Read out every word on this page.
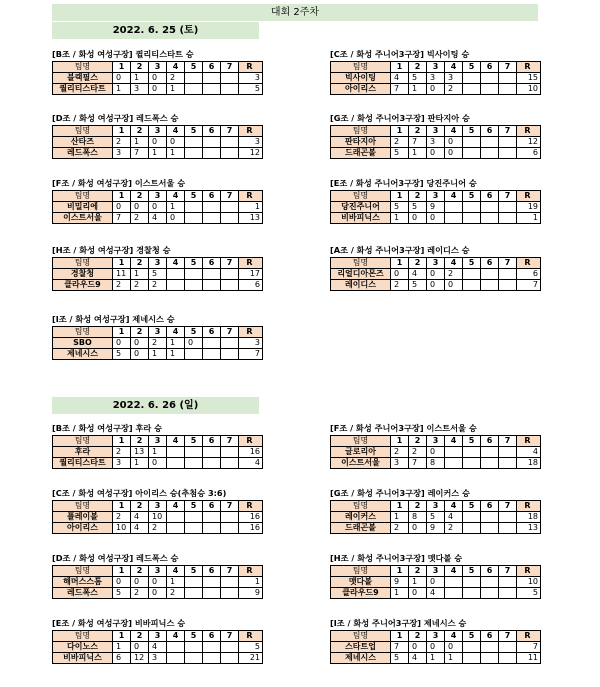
대회 2주차
2022. 6. 25 (토)
[B조 / 화성 여성구장] 퀼리티스타트 승
팀명	1	2	3	4	5	6	7	R
블랙필스	0	1	0	2				3
퀄리티스타트	1	3	0	1				5
[C조 / 화성 주니어3구장] 빅사이팅 승
팀명	1	2	3	4	5	6	7	R
빅사이팅	4	5	3	3				15
아이리스	7	1	0	2				10
[D조 / 화성 여성구장] 레드폭스 승
팀명	1	2	3	4	5	6	7	R
산타즈	2	1	0	0				3
레드폭스	3	7	1	1				12
[G조 / 화성 주니어3구장] 판타지아 승
팀명	1	2	3	4	5	6	7	R
판타지아	2	7	3	0				12
드래곤볼	5	1	0	0				6
[F조 / 화성 여성구장] 이스트서울 승
팀명	1	2	3	4	5	6	7	R
비밀리에	0	0	0	1				1
이스트서울	7	2	4	0				13
[E조 / 화성 주니어3구장] 당진주니어 승
팀명	1	2	3	4	5	6	7	R
당진주니어	5	5	9					19
비바피닉스	1	0	0					1
[H조 / 화성 여성구장] 경찰청 승
팀명	1	2	3	4	5	6	7	R
경찰청	11	1	5					17
클라우드9	2	2	2					6
[A조 / 화성 주니어3구장] 레이디스 승
팀명	1	2	3	4	5	6	7	R
리얼디아몬즈	0	4	0	2				6
레이디스	2	5	0	0				7
[I조 / 화성 여성구장] 제네시스 승
팀명	1	2	3	4	5	6	7	R
SBO	0	0	2	1	0			3
제네시스	5	0	1	1				7
2022. 6. 26 (일)
[B조 / 화성 여성구장] 후라 승
팀명	1	2	3	4	5	6	7	R
후라	2	13	1					16
퀄리티스타트	3	1	0					4
[F조 / 화성 주니어3구장] 이스트서울 승
팀명	1	2	3	4	5	6	7	R
글로리아	2	2	0					4
이스트서울	3	7	8					18
[C조 / 화성 여성구장] 아이리스 승(추첨승 3:6)
팀명	1	2	3	4	5	6	7	R
플레이볼	2	4	10					16
아이리스	10	4	2					16
[G조 / 화성 주니어3구장] 레이커스 승
팀명	1	2	3	4	5	6	7	R
레이커스	1	8	5	4				18
드래곤볼	2	0	9	2				13
[D조 / 화성 여성구장] 레드폭스 승
팀명	1	2	3	4	5	6	7	R
해머스스톰	0	0	0	1				1
레드폭스	5	2	0	2				9
[H조 / 화성 주니어3구장] 맷다볼 승
팀명	1	2	3	4	5	6	7	R
맷다볼	9	1	0					10
클라우드9	1	0	4					5
[E조 / 화성 여성구장] 비바피닉스 승
팀명	1	2	3	4	5	6	7	R
다이노스	1	0	4					5
비바피닉스	6	12	3					21
[I조 / 화성 주니어3구장] 제네시스 승
팀명	1	2	3	4	5	6	7	R
스타트업	7	0	0	0				7
제네시스	5	4	1	1				11
